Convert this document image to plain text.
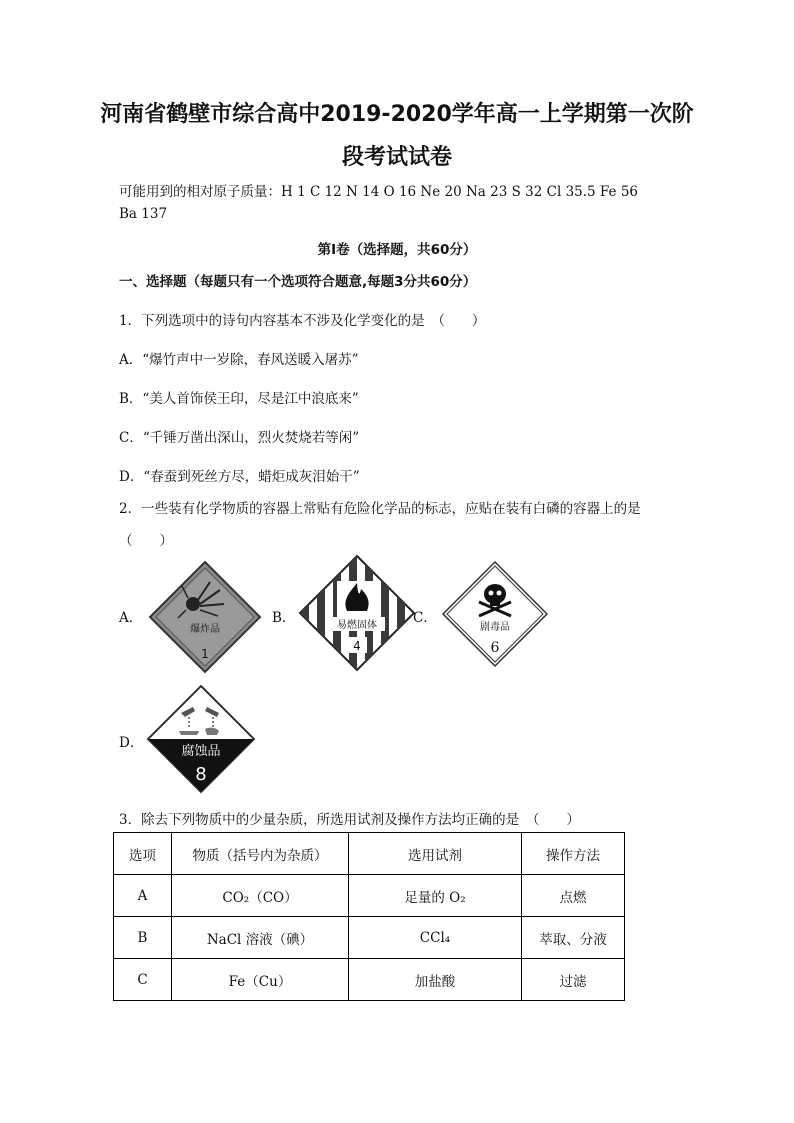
河南省鹤壁市综合高中2019-2020学年高一上学期第一次阶
段考试试卷
可能用到的相对原子质量：H 1 C 12 N 14 O 16 Ne 20 Na 23 S 32 Cl 35.5 Fe 56
Ba 137
第Ⅰ卷（选择题，共60分）
一、选择题（每题只有一个选项符合题意,每题3分共60分）
1．下列选项中的诗句内容基本不涉及化学变化的是　（　　）
A．“爆竹声中一岁除，春风送暖入屠苏”
B．“美人首饰侯王印，尽是江中浪底来”
C．“千锤万凿出深山，烈火焚烧若等闲”
D．“春蚕到死丝方尽，蜡炬成灰泪始干”
2．一些装有化学物质的容器上常贴有危险化学品的标志，应贴在装有白磷的容器上的是
（　　）
A．	B．	C．
D．
爆炸品
1
易燃固体
4
剧毒品
6
腐蚀品
8
3．除去下列物质中的少量杂质，所选用试剂及操作方法均正确的是　（　　）
选项	物质（括号内为杂质）	选用试剂	操作方法
A	CO₂（CO）	足量的 O₂	点燃
B	NaCl 溶液（碘）	CCl₄	萃取、分液
C	Fe（Cu）	加盐酸	过滤
